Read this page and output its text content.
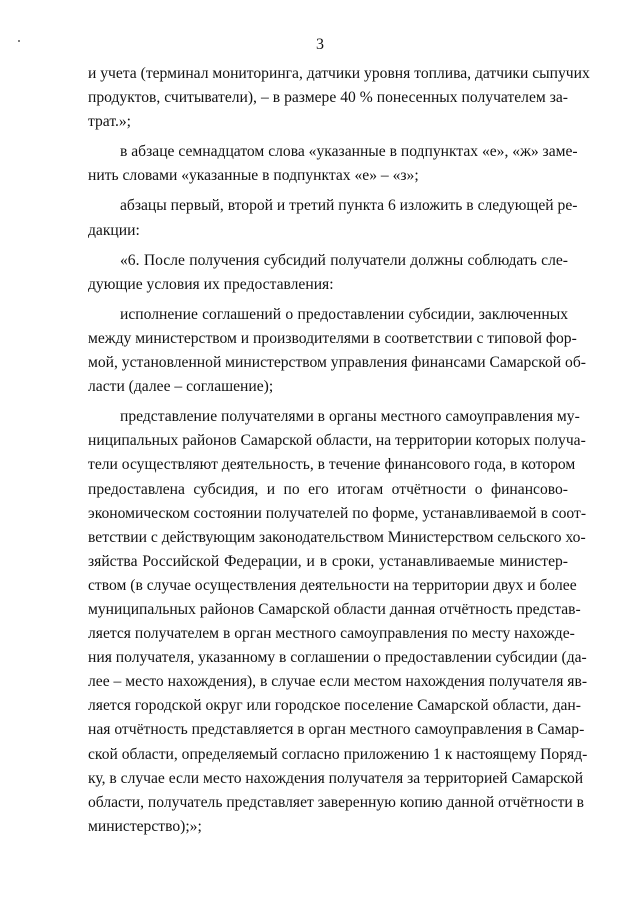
3
и учета (терминал мониторинга, датчики уровня топлива, датчики сыпучих
продуктов, считыватели), – в размере 40 % понесенных получателем за-
трат.»;
в абзаце семнадцатом слова «указанные в подпунктах «е», «ж» заме-
нить словами «указанные в подпунктах «е» – «з»;
абзацы первый, второй и третий пункта 6 изложить в следующей ре-
дакции:
«6. После получения субсидий получатели должны соблюдать сле-
дующие условия их предоставления:
исполнение соглашений о предоставлении субсидии, заключенных
между министерством и производителями в соответствии с типовой фор-
мой, установленной министерством управления финансами Самарской об-
ласти (далее – соглашение);
представление получателями в органы местного самоуправления му-
ниципальных районов Самарской области, на территории которых получа-
тели осуществляют деятельность, в течение финансового года, в котором
предоставлена субсидия, и по его итогам отчётности о финансово-
экономическом состоянии получателей по форме, устанавливаемой в соот-
ветствии с действующим законодательством Министерством сельского хо-
зяйства Российской Федерации, и в сроки, устанавливаемые министер-
ством (в случае осуществления деятельности на территории двух и более
муниципальных районов Самарской области данная отчётность представ-
ляется получателем в орган местного самоуправления по месту нахожде-
ния получателя, указанному в соглашении о предоставлении субсидии (да-
лее – место нахождения), в случае если местом нахождения получателя яв-
ляется городской округ или городское поселение Самарской области, дан-
ная отчётность представляется в орган местного самоуправления в Самар-
ской области, определяемый согласно приложению 1 к настоящему Поряд-
ку, в случае если место нахождения получателя за территорией Самарской
области, получатель представляет заверенную копию данной отчётности в
министерство);»;
